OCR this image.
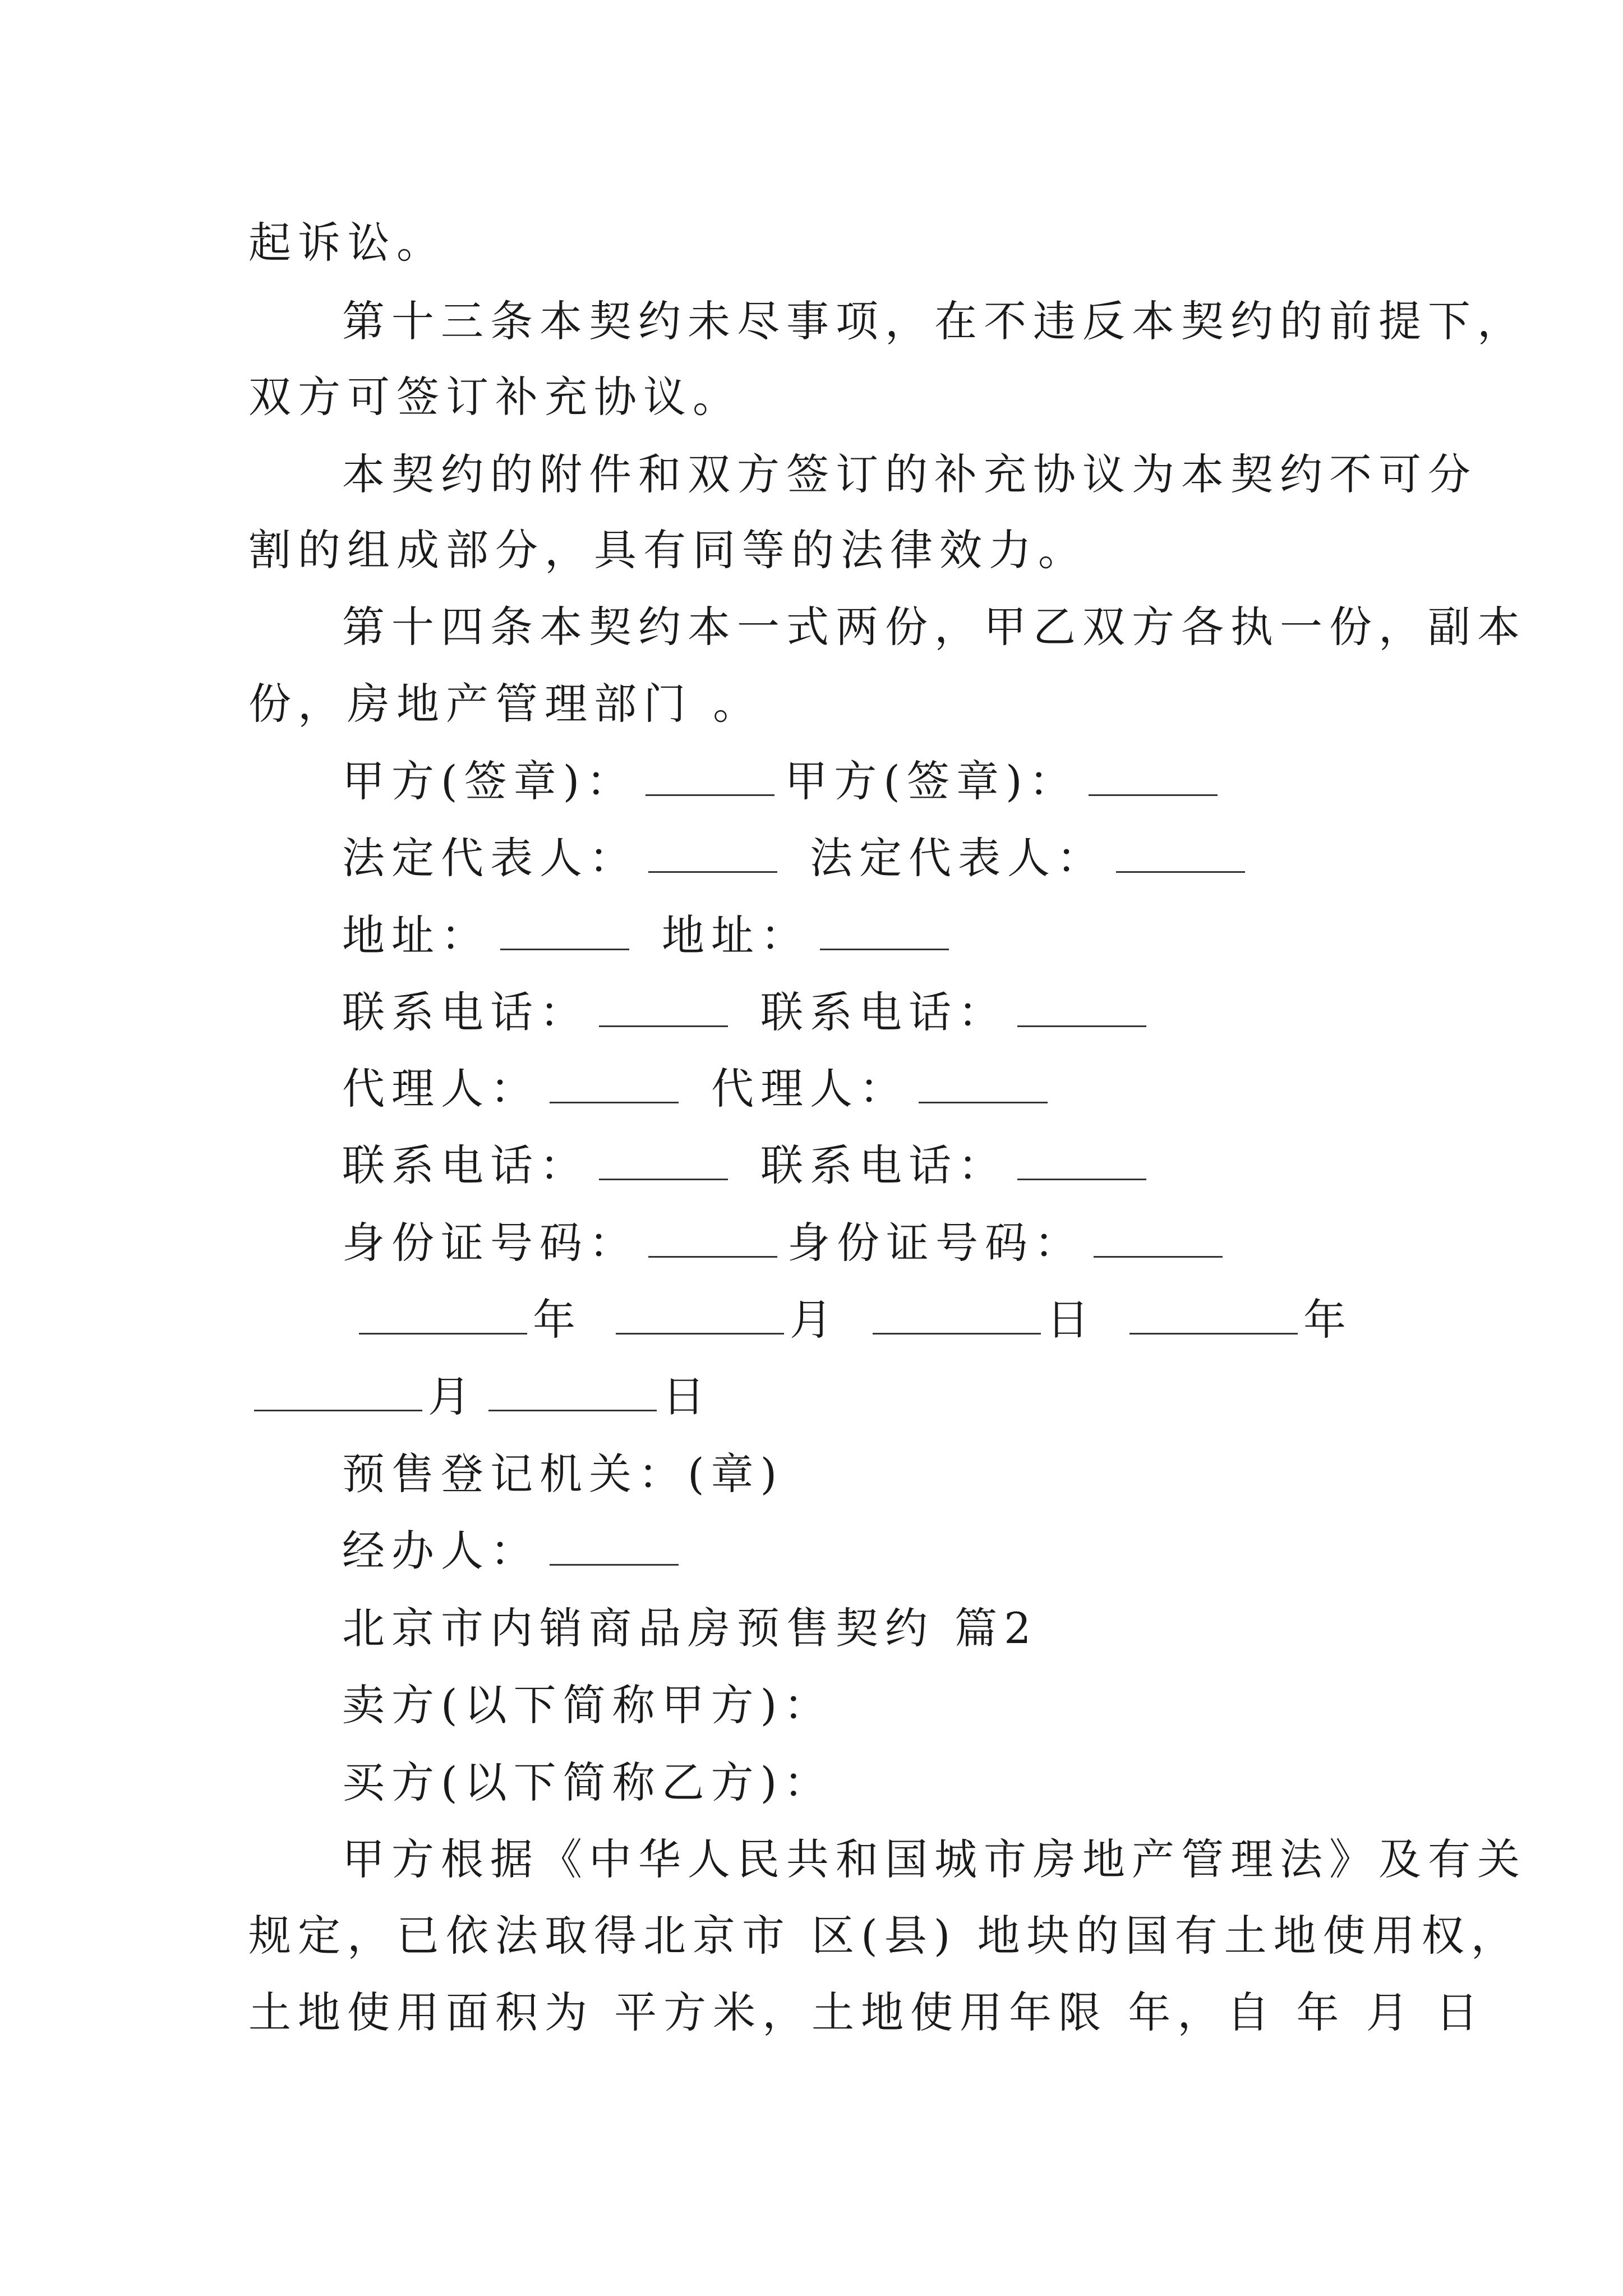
起诉讼。
第十三条本契约未尽事项，在不违反本契约的前提下，
双方可签订补充协议。
本契约的附件和双方签订的补充协议为本契约不可分
割的组成部分，具有同等的法律效力。
第十四条本契约本一式两份，甲乙双方各执一份，副本
份，房地产管理部门 。
甲方(签章)：	甲方(签章)：
法定代表人：	法定代表人：
地址：	地址：
联系电话：	联系电话：
代理人：	代理人：
联系电话：	联系电话：
身份证号码：	身份证号码：
年	月	日	年
月	日
预售登记机关：(章)
经办人：
北京市内销商品房预售契约 篇2
卖方(以下简称甲方)：
买方(以下简称乙方)：
甲方根据《中华人民共和国城市房地产管理法》及有关
规定，已依法取得北京市 区(县) 地块的国有土地使用权，
土地使用面积为 平方米，土地使用年限 年，自 年 月 日
